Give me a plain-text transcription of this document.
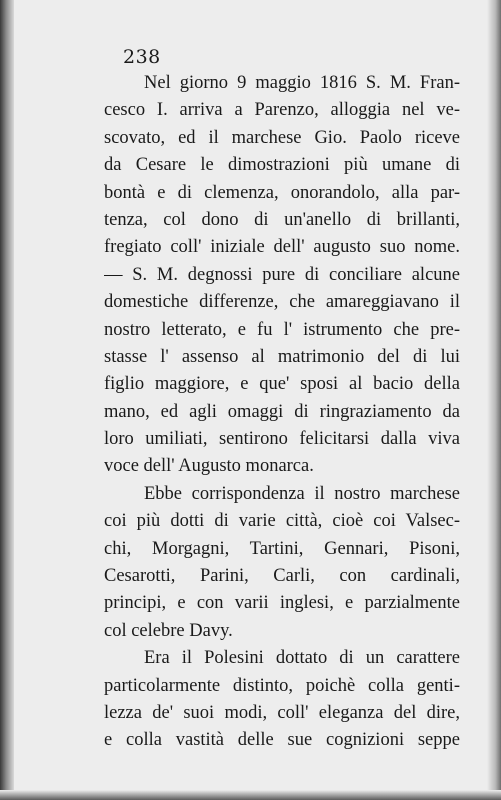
238
Nel giorno 9 maggio 1816 S. M. Fran-
cesco I. arriva a Parenzo, alloggia nel ve-
scovato, ed il marchese Gio. Paolo riceve
da Cesare le dimostrazioni più umane di
bontà e di clemenza, onorandolo, alla par-
tenza, col dono di un'anello di brillanti,
fregiato coll' iniziale dell' augusto suo nome.
— S. M. degnossi pure di conciliare alcune
domestiche differenze, che amareggiavano il
nostro letterato, e fu l' istrumento che pre-
stasse l' assenso al matrimonio del di lui
figlio maggiore, e que' sposi al bacio della
mano, ed agli omaggi di ringraziamento da
loro umiliati, sentirono felicitarsi dalla viva
voce dell' Augusto monarca.
Ebbe corrispondenza il nostro marchese
coi più dotti di varie città, cioè coi Valsec-
chi, Morgagni, Tartini, Gennari, Pisoni,
Cesarotti, Parini, Carli, con cardinali,
principi, e con varii inglesi, e parzialmente
col celebre Davy.
Era il Polesini dottato di un carattere
particolarmente distinto, poichè colla genti-
lezza de' suoi modi, coll' eleganza del dire,
e colla vastità delle sue cognizioni seppe
